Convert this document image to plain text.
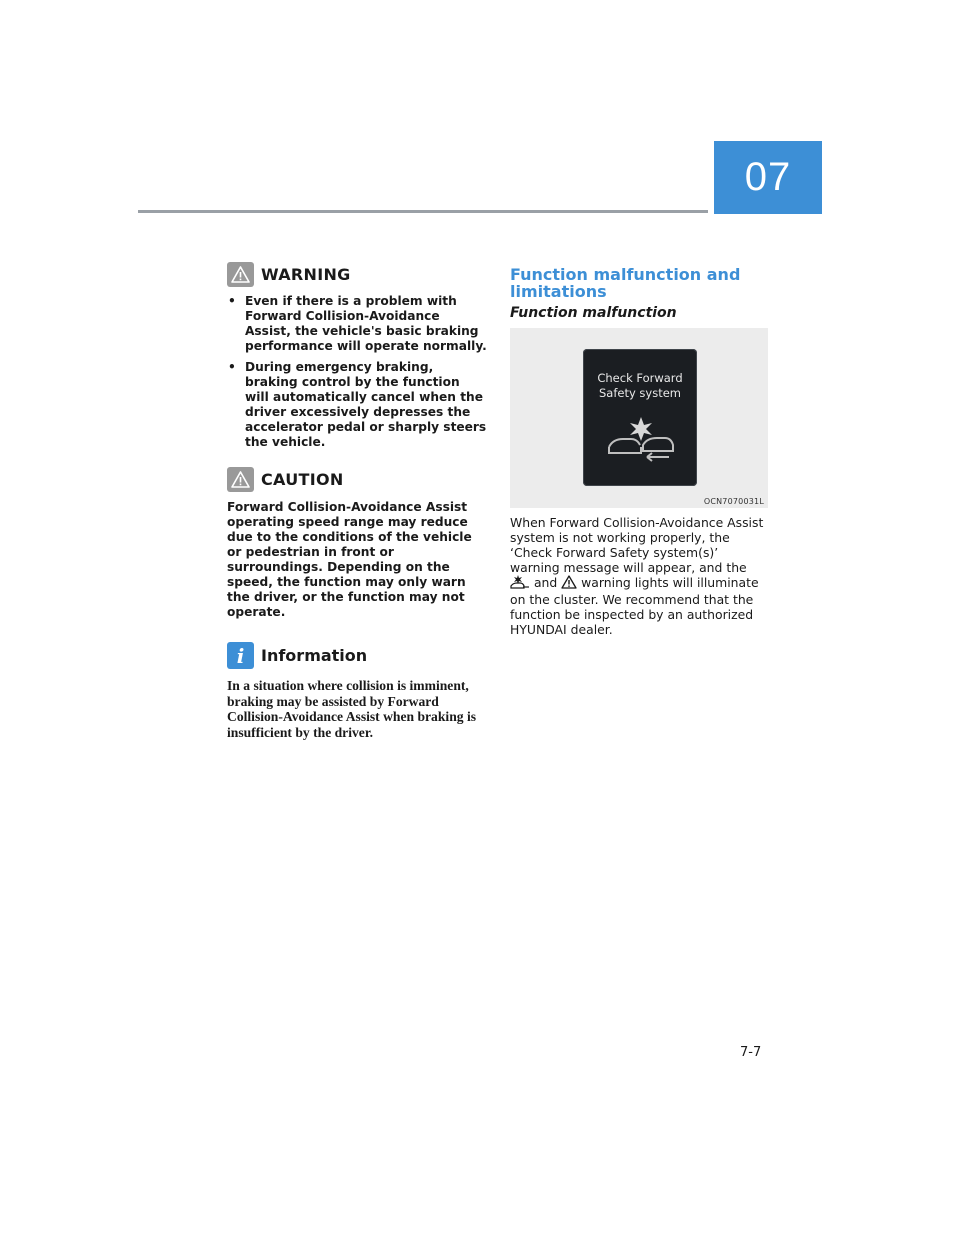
07
WARNING
• Even if there is a problem with Forward Collision-Avoidance Assist, the vehicle's basic braking performance will operate normally.
• During emergency braking, braking control by the function will automatically cancel when the driver excessively depresses the accelerator pedal or sharply steers the vehicle.
CAUTION
Forward Collision-Avoidance Assist operating speed range may reduce due to the conditions of the vehicle or pedestrian in front or surroundings. Depending on the speed, the function may only warn the driver, or the function may not operate.
i	Information
In a situation where collision is imminent, braking may be assisted by Forward Collision-Avoidance Assist when braking is insufficient by the driver.
Function malfunction and limitations
Function malfunction
Check Forward
Safety system
OCN7070031L

When Forward Collision-Avoidance Assist system is not working properly, the ‘Check Forward Safety system(s)’ warning message will appear, and the  and warning lights will illuminate on the cluster. We recommend that the function be inspected by an authorized HYUNDAI dealer.

7-7
